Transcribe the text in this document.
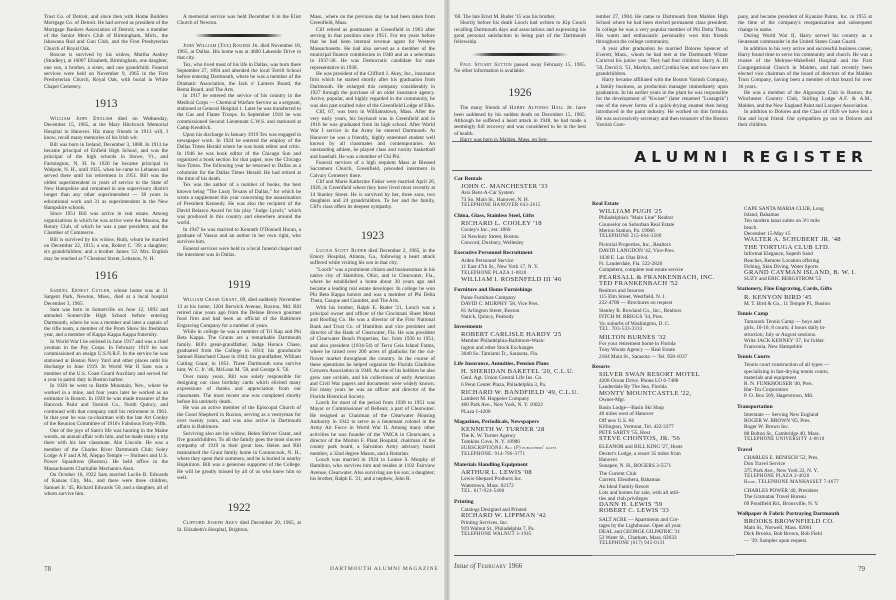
Trust Co. of Detroit, and since then with Home Builders Mortgage Co. of Detroit. He had served as president of the Mortgage Bankers Association of Detroit, was a member of the Senior Men's Club of Birmingham, Mich., the Ishawana Rod and Gun Club, and the First Presbyterian Church of Royal Oak.

Roscoe is survived by his widow, Martha Audrey (Stradley), at 16007 Elizabeth, Birmingham, one daughter, one son, a brother, a sister, and one grandchild. Funeral services were held on November 9, 1965 in the First Presbyterian Church, Royal Oak, with burial in White Chapel Cemetery.

1913

William John English died on Wednesday, December 15, 1965, at the Mary Hitchcock Memorial Hospital in Hanover. His many friends in 1913 will, I know, recall many memories of his Irish wit.

Bill was born in Ireland, December 3, 1888. In 1913 he became principal of Enfield High School, and was the principal of the high schools in Stowe, Vt., and Farmington, N. H. In 1920 he became principal in Walpole, N. H., until 1925, when he came to Lebanon and served there until his retirement in 1951. Bill was the oldest superintendent in years of service to the State of New Hampshire and remained in one supervisory district longer than any other superintendent — 38 years in educational work and 31 as superintendent in the New Hampshire schools.

Since 1951 Bill was active in real estate. Among organizations in which he was active were the Masons, the Rotary Club, of which he was a past president, and the Chamber of Commerce.

Bill is survived by his widow, Ruth, whom he married on December 22, 1915; a son, Robert C. '39; a daughter; six grandchildren; and a brother James '12. Mrs. English may be reached at 7 Chestnut Street, Lebanon, N. H.

1916

Samuel Ernest Cutler, whose home was at 31 Sargent Park, Newton, Mass., died at a local hospital December 3, 1965.

Sam was born in Somerville on June 12, 1892 and attended Somerville High School before entering Dartmouth, where he was a member and later a captain of the rifle team, a member of the Prom Show his freshman year, and a member of Kappa Kappa Kappa fraternity.

In World War I he enlisted in June 1917 and was a chief yeoman in the Pay Corps. In February 1919 he was commissioned an ensign U.S.N.R.F. In the service he was stationed at Boston Navy Yard and other places until his discharge in June 1919. In World War II Sam was a member of the U.S. Coast Guard Auxiliary and served for a year in patrol duty in Boston harbor.

In 1920 he went to Battle Mountain, Nev., where he worked in a mine, and four years later he worked as an estimator in Boston. In 1928 he was made treasurer of the Hancock Paint and Varnish Co., North Quincy, and continued with that company until his retirement in 1961. In that year he was co-chairman with the late Art Conley of the Reunion Committee of 1916's Fabulous Forty-Fifth.

One of the joys of Sam's life was hunting in the Maine woods, an annual affair with him, and he made many a trip there with his late classmate, Abe Lincoln. He was a member of the Charles River Dartmouth Club; Soley Lodge A F and A M, Aleppo Temple — Shriners and U.S. Power Squadrons (Boston). He held office in the Massachusetts Charitable Mechanics Assn.

On October 16, 1922 Sam married Lucile B. Edwards of Kansas City, Mo., and there were three children, Samuel Jr. '45, Richard Edwards '50, and a daughter, all of whom survive him.

A memorial service was held December 6 in the Eliot Church of Newton.

John William (Tex) Rogers Jr. died November 18, 1965, at Dallas. His home was at 4600 Lakeside Drive in that city.

Tex, who lived most of his life in Dallas, was born there September 27, 1894 and attended the local Terrill School before entering Dartmouth, where he was a member of the Dramatic Association, the Jack o' Lantern Board, the Bema Board, and The Arts.

In 1917 he entered the service of his country in the Medical Corps — Chemical Warfare Service as a sergeant, stationed at General Hospital 1. Later he was transferred to the Gas and Flame Troops. In September 1918 he was commissioned Second Lieutenant C.W.S. and stationed at Camp Kendrick.

Upon his discharge in January 1919 Tex was engaged in newspaper work. In 1924 he entered the employ of the Dallas Times Herald where he was book editor and critic. In 1946 he was book editor of the Chicago Sun and organized a book section for that paper, now the Chicago Sun-Times. The following year he returned to Dallas as a columnist for the Dallas Times Herald. He had retired at the time of his death.

Tex was the author of a number of books, the best known being "The Lusty Texans of Dallas," for which he wrote a supplement this year concerning the assassination of President Kennedy. He was also the recipient of the David Belasco Award for his play "Judge Lynch," which was produced in this country and elsewhere around the world.

In 1947 he was married to Kenneth O'Donnell Horan, a graduate of Vassar and an author in her own right, who survives him.

Funeral services were held in a local funeral chapel and the interment was in Dallas.

1919

William Chase Grant, 69, died suddenly November 13 at his home, 1204 Berwick Avenue, Ruxton, Md. Bill retired nine years ago from the Delane Brown gourmet food firm and had been an official of the Baltimore Engraving Company for a number of years.

While in college he was a member of Tri Kap and Phi Beta Kappa. The Grants are a remarkable Dartmouth family. Bill's great-grandfather, Judge Horace Chase, graduated from the College in 1814; his granduncle Samuel Blanchard Chase in 1844; his grandfather, William Cutting Grant, in 1851. Three Dartmouth sons survive him: W. C. Jr. '46, McLean M. '50, and George S. '56.

Over many years, Bill was solely responsible for designing our class birthday cards which elicited many expressions of thanks and appreciation from our classmates. The most recent one was completed shortly before his untimely death.

He was an active member of the Episcopal Church of the Good Shepherd in Ruxton, serving as a vestryman for over twenty years, and was also active in Dartmouth affairs in Baltimore.

Surviving also are his widow, Helen Shriver Grant, and five grandchildren. To all the family goes the most sincere sympathy of 1919 in their great loss. Helen and Bill maintained the Grant family home in Contoocook, N. H., where they spent their summers, and he is buried in nearby Hopkinton. Bill was a generous supporter of the College. He will be greatly missed by all of us who knew him so well.

1922

Clifford Joseph Akey died December 20, 1965, at St. Elizabeth's Hospital, Brighton,

Mass., where on the previous day he had been taken from Greenfield, Mass.

Clif retired as postmaster at Greenfield in 1963 after serving in that position since 1951. For ten years before that he had been internal revenue agent for Western Massachusetts. He had also served as a member of the municipal finance commission in 1940 and as a selectman in 1937-38. He was Democratic candidate for state representative in 1938.

He was president of the Clifford J. Akey, Inc., insurance firm which he started shortly after his graduation from Dartmouth. He enlarged this company considerably in 1927 through the purchase of an older insurance agency. Active, popular, and highly regarded in the community, he was also past exalted ruler of the Greenfield Lodge of Elks.

Clif, 67, was born in Williamstown, Mass. After the very early years, his boyhood was in Greenfield and in 1916 he was graduated from its high school. After World War I service in the Army he entered Dartmouth. At Hanover he was a friendly, highly esteemed student well known by all classmates and contemporaries. An outstanding athlete, he played class and varsity basketball and baseball. He was a member of Chi Phi.

Funeral services of a high requiem Mass at Blessed Sacrament Church, Greenfield, preceded interment in Calvary Cemetery there.

Clif and Marie Katherine Fisher were married April 26, 1926, in Greenfield where they have lived most recently at 14 Stanley Street. He is survived by her, three sons, two daughters and 24 grandchildren. To her and the family, Clif's class offers its deepest sympathy.

1923

Lucius Scott Ruder died December 2, 1965, in the Emory Hospital, Atlanta, Ga., following a heart attack suffered while visiting his son in that city.

"Looch" was a prominent citizen and businessman in his native city of Hamilton, Ohio, and in Clearwater, Fla., where he established a home about 30 years ago and became a leading real estate developer. In college he won Phi Beta Kappa honors and was a member of Phi Delta Theta, Casque and Gauntlet, and The Arts.

With his brother, Ralph E. Ruder '21, Looch was a principal owner and officer of the Cincinnati Sheet Metal and Roofing Co. He was a director of the First National Bank and Trust Co. of Hamilton and vice president and director of the Bank of Clearwater, Fla. He was president of Clearwater Beach Properties, Inc. from 1936 to 1951, and also president (1934-54) of Terra Ceia Island Farms, where he raised over 200 acres of gladiolus for the cut-flower market throughout the country. In the course of these operations he helped organize the Florida Gladiolus Growers Association in 1940. As one of his hobbies he also grew rare orchids, and his collections of early American and Civil War papers and documents were widely known. For many years he was an officer and director of the Florida Historical Society.

Looch for most of the period from 1938 to 1951 was Mayor or Commissioner of Belleair, a part of Clearwater. He resigned as Chairman of the Clearwater Housing Authority in 1942 to serve as a lieutenant colonel in the Army Air Force in World War II. Among many other activities he was founder of the YMCA in Clearwater, a director of the Morton F. Plant Hospital, chairman of the county park board, a Salvation Army advisory board member, a 32nd degree Mason, and a Rotarian.

Looch was married in 1924 to Louise S. Murphy of Hamilton, who survives him and resides at 1102 Fairview Avenue, Clearwater. Also surviving are his son; a daughter; his brother, Ralph E. '21; and a nephew, John R.

78	DARTMOUTH ALUMNI MAGAZINE

'60. The late Ernst M. Ruder '15 was his brother.

Shortly before his death Looch had written to Kip Couch recalling Dartmouth days and associations and expressing his great personal satisfaction in being part of the Dartmouth fellowship.

Paul Stuart Sutton passed away February 15, 1965. No other information is available.

1926

The many friends of Harry Alfonso Hall Jr. have been saddened by his sudden death on December 15, 1965. Although he suffered a heart attack in 1948, he had made a seemingly full recovery and was considered to be in the best of health.

tember 27, 1904. He came to Dartmouth from Malden High School where he had been elected permanent class president. In college he was a very popular member of Phi Delta Theta. His warm and enthusiastic personality won him friends throughout the college community.

A year after graduation he married Dolores Spencer of Everett, Mass., whom he had met at the Dartmouth Winter Carnival his junior year. They had four children: Harry A. III '50, David S. '51, Marilyn, and Cynthia Sue; and now have ten grandchildren.

Harry became affiliated with the Boston Varnish Company, a family business, as production manager immediately upon graduation. In his earlier years in the plant he was responsible for the development of "Kwiset" (later renamed "Lustagrik") one of the newer forms of a quick-drying enamel then being introduced in the paint industry. He worked on this formula. He was successively secretary and then treasurer of the Boston Varnish Com-

pany, and became president of Kyanize Paints, Inc. in 1955 at the time of the company's reorganization and subsequent change in name.

During World War II, Harry served his country as a lieutenant commander in the United States Coast Guard.

In addition to his very active and successful business career, Harry found time to serve his community and church. He was a trustee of the Melrose-Wakefield Hospital and the First Congregational Church in Malden, and had recently been elected vice chairman of the board of directors of the Malden Trust Company, having been a member of that board for over 36 years.

He was a member of the Algonquin Club in Boston, the Winchester Country Club, Stirling Lodge A.F. & A.M., Malden, and the New England Paint and Lacquer Association.

In addition to Dolores and the Class of 1926 we have lost a fine and loyal friend. Our sympathies go out to Dolores and their children.

ALUMNI REGISTER
Car Rentals
JOHN C. MANCHESTER '33
Avis Rent-A-Car System
73 So. Main St., Hanover, N. H.
TELEPHONE HANOVER 643-2615
China, Glass, Stainless Steel, Gifts
RICHARD L. COOLEY '18
Cooley's Inc., est. 1860
34 Newbury Street, Boston
Concord, Duxbury, Wellesley
Executive Personnel Recruitment
Arden Personnel Service
11 East 47th St., New York 17, N. Y.
TELEPHONE PLAZA 1-0820
WILLIAM I. ROSENFELD III '46
Furniture and Home Furnishings
Paine Furniture Company
DAVID C. MURPHY '58, Vice Pres.
81 Arlington Street, Boston
Natick, Quincy, Peabody
Investments
ROBERT CARLISLE HARDY '25
Member Philadelphia-Baltimore-Wash-
ington and other Stock Exchanges
3640 So. Tamiami Tr., Sarasota, Fla.
Life Insurance, Annuities, Pension Plans
H. SHERIDAN BAKETEL '20, C.L.U.
Genl. Agt. Union Central Life Ins. Co.
6 Penn Center Plaza, Philadelphia 3, Pa.
RICHARD W. BANDFIELD '49, C.L.U.
Lambert M. Huppeler Company
400 Park Ave., New York, N. Y. 10022
PLaza 1-4200
Magazines, Periodicals, Newspapers
KENNETH W. TURNER '28
The K. W. Turner Agency
Tomkins Cove, N. Y. 10986
SUBSCRIPTIONS: All (P) publishers' rates
TELEPHONE: 914-786-3771
Materials Handling Equipment
ARTHUR L. LEWIS '08
Lewis-Shepard Products Inc.
Watertown, Mass. 02172
TEL. 617-924-5400
Printing
Catalogs Designed and Printed
RICHARD W. LIPPMAN '42
Printing Services, Inc.
919 Walnut St., Philadelphia 7, Pa.
TELEPHONE WALNUT 3-1945
Real Estate
WILLIAM PUGH '25
Philadelphia's "Main Line" Realtor
Counselor on Suburban Real Estate
Merion Station, Pa. 19066
TELEPHONE 215-664-3500
Pictorial Properties, Inc., Realtors
DAVID LANGDON '42, Vice-Pres.
1038 E. Las Olas Blvd.
Ft. Lauderdale, Fla. 522-2826
Competent, complete real estate service
PEARSALL & FRANKENBACH, INC.
TED FRANKENBACH '52
Realtors and Insurors
115 Elm Street, Westfield, N. J.
232-4700 — Brochures on request
Stanley R. Rowland Co., Inc., Realtors
FITCH M. BRIGGS '34, Pres.
Va. suburbs of Washington, D. C.
TEL. 703-533-3333
MILTON BURNES '32
For your retirement home in Florida
Tony Woods Agency — Real Estate
2184 Main St., Sarasota — Tel. 958-1037
Resorts
SILVER SWAN RESORT MOTEL
4208 Ocean Drive. Phone LO 6-7488
Lauderdale By The Sea, Florida
MONTY MOUNTCASTLE '22,
Owner-Mgr.
Basin Lodge—Basin Ski Shop
40 miles west of Hanover
Off new U.S. #4
Killington, Vermont, Tel. 422-3377
PETE SARTY '55, Host
STEVE CHONTOS, JR. '56
ELEANOR and BILL KING '27, Hosts
Dexter's Lodge, a resort 35 miles from
Hanover
Sunapee, N. H., ROGERS 3-5571
The Current Club
Current, Eleuthera, Bahamas
An Ideal Family Resort
Lots and homes for sale, with all utili-
ties and club privileges
DANN H. LEWIS '59
ROBERT C. LEWIS '33
SALT ACRE — Apartments and Cot-
tages by the Lighthouse. Open all year.
DEAL and GEORGE GILPATRIC '31
53 Water St., Chatham, Mass. 02633
TELEPHONE (617) 945-0131
CAPE SANTA MARIA CLUB, Long
Island, Bahamas
Ten modern lanai suites on 3½ mile
beach.
December 15-May 15
WALTER A. SCHUBERT JR. '48
THE TORTUGA CLUB LTD.
Informal Elegance, Superb Sand
Beaches, Remote Location offering
Fishing, Skin Diving, Water Sports
GRAND CAYMAN ISLAND, B. W. I.
SUZY and ERIC BERGSTROM '55
Stationery, Fine Engraving, Cards, Gifts
R. KENYON BIRD '45
M. T. Bird & Co., 11 Temple Pl., Boston
Tennis Camp
Tamarack Tennis Camp — boys and
girls, 10-16; 8 courts; 4 hours daily in-
struction; July or August sessions.
Write JACK KENNEY '37, for folder.
Franconia, New Hampshire
Tennis Courts
Tennis court construction of all types —
specializing in fast-drying tennis courts,
materials and equipment
R. N. FUNKHOUSER '40, Pres.
Har-Tru Corporation
P. O. Box 569, Hagerstown, Md.
Transportation
Interstate — Serving New England
ROGER W. BROWN '05, Pres.
Roger W. Brown Inc.
88 Bolton St., Cambridge 40, Mass.
TELEPHONE UNIVERSITY 4-8610
Travel
CHARLES E. BENISCH '52, Pres.
Don Travel Service
375 Park Ave., New York 22, N. Y.
TELEPHONE PLAZA 2-4020
Home, TELEPHONE MANHASSET 7-4677
CHARLES POWER '40, President
The Gramatan Travel Bureau
69 Pondfield Rd., Bronxville, N. Y.
Wallpaper & Fabric Portraying Dartmouth
BROOKS BROWNFIELD CO.
Main St., Norwell, Mass. 02061
Dick Brooks, Bob Brown, Bob Field
— '39. Samples upon request.
Issue of February 1966	79
